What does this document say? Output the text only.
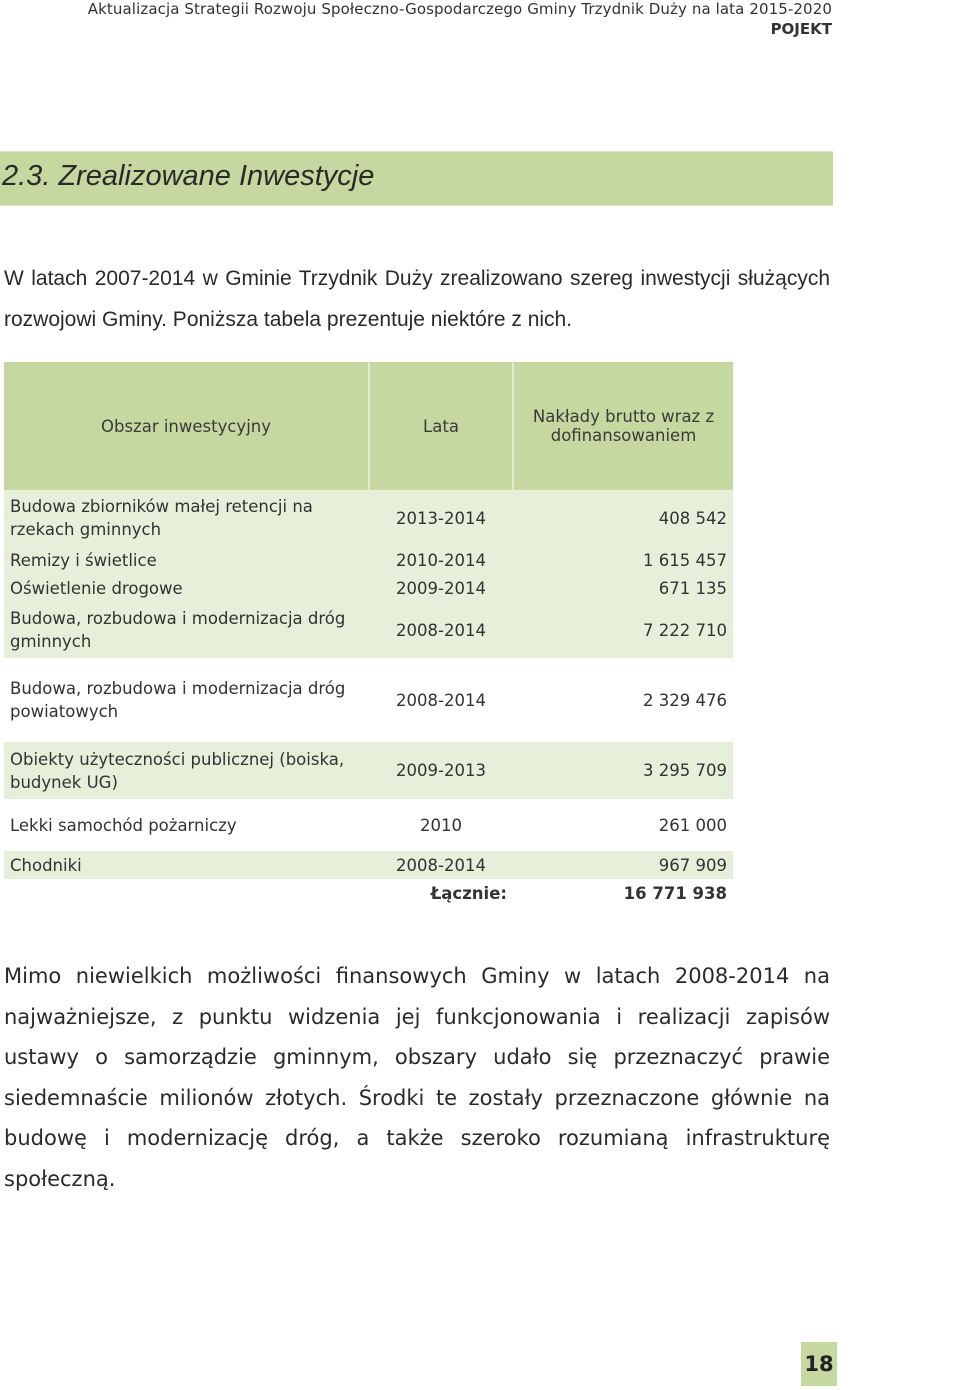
Aktualizacja Strategii Rozwoju Społeczno-Gospodarczego Gminy Trzydnik Duży na lata 2015-2020
POJEKT
2.3. Zrealizowane Inwestycje

W latach 2007-2014 w Gminie Trzydnik Duży zrealizowano szereg inwestycji służących rozwojowi Gminy. Poniższa tabela prezentuje niektóre z nich.

Obszar inwestycyjny	Lata	Nakłady brutto wraz z dofinansowaniem
Budowa zbiorników małej retencji na rzekach gminnych	2013-2014	408 542
Remizy i świetlice	2010-2014	1 615 457
Oświetlenie drogowe	2009-2014	671 135
Budowa, rozbudowa i modernizacja dróg gminnych	2008-2014	7 222 710
Budowa, rozbudowa i modernizacja dróg powiatowych	2008-2014	2 329 476
Obiekty użyteczności publicznej (boiska, budynek UG)	2009-2013	3 295 709
Lekki samochód pożarniczy	2010	261 000
Chodniki	2008-2014	967 909
	Łącznie:	16 771 938

Mimo niewielkich możliwości finansowych Gminy w latach 2008-2014 na najważniejsze, z punktu widzenia jej funkcjonowania i realizacji zapisów ustawy o samorządzie gminnym, obszary udało się przeznaczyć prawie siedemnaście milionów złotych. Środki te zostały przeznaczone głównie na budowę i modernizację dróg, a także szeroko rozumianą infrastrukturę społeczną.

18
